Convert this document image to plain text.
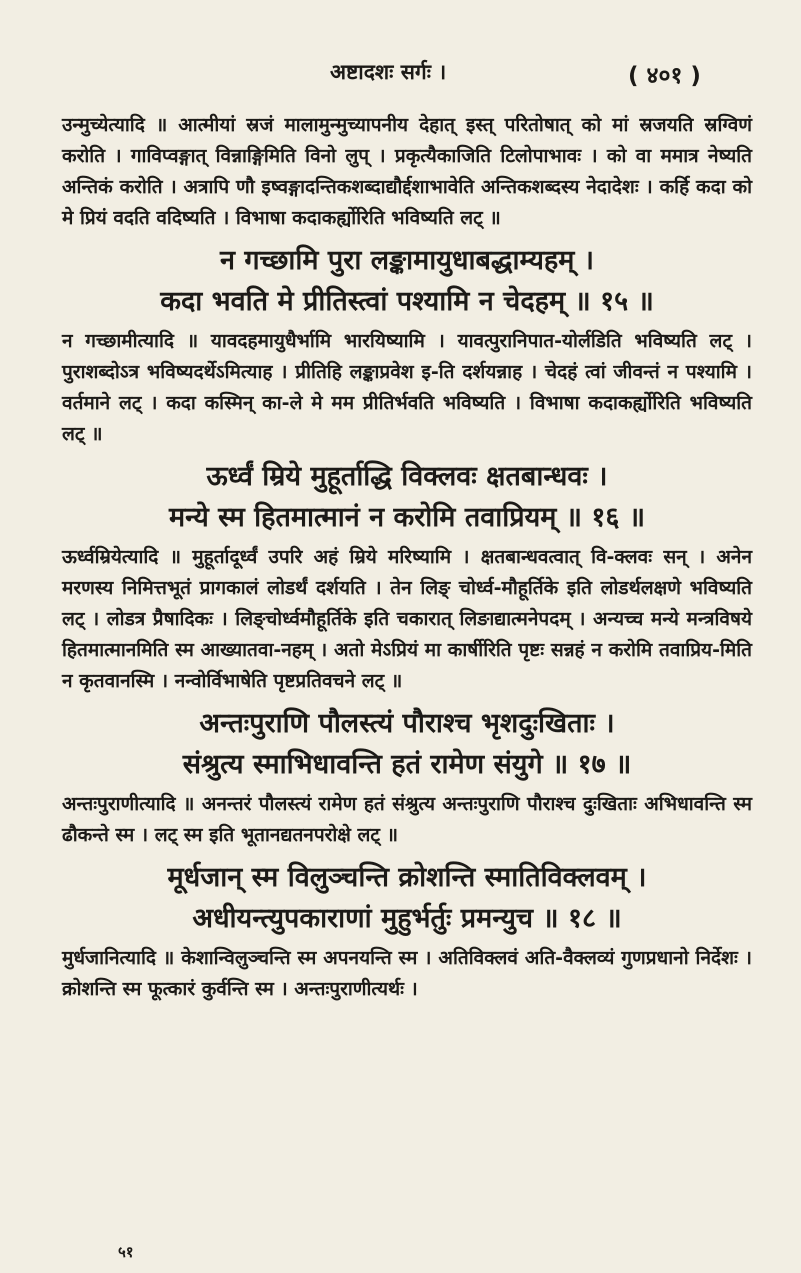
अष्टादशः सर्गः ।	( ४०१ )

उन्मुच्येत्यादि ॥ आत्मीयां स्रजं मालामुन्मुच्यापनीय देहात् इस्त् परितोषात् को मां स्रजयति स्रग्विणं करोति । गाविप्वङ्गात् विन्नाङ्गिमिति विनो लुप् । प्रकृत्यैकाजिति टिलोपाभावः । को वा ममात्र नेष्यति अन्तिकं करोति । अत्रापि णौ इष्वङ्गादन्तिकशब्दाद्यौर्द्दशाभावेति अन्तिकशब्दस्य नेदादेशः । कर्हि कदा को मे प्रियं वदति वदिष्यति । विभाषा कदाकर्ह्योरिति भविष्यति लट् ॥

न गच्छामि पुरा लङ्कामायुधाबद्धाम्यहम् ।
कदा भवति मे प्रीतिस्त्वां पश्यामि न चेदहम् ॥ १५ ॥

न गच्छामीत्यादि ॥ यावदहमायुधैर्भामि भारयिष्यामि । यावत्पुरानिपात-योर्लडिति भविष्यति लट् । पुराशब्दोऽत्र भविष्यदर्थेऽमित्याह । प्रीतिहि लङ्काप्रवेश इ-ति दर्शयन्नाह । चेदहं त्वां जीवन्तं न पश्यामि । वर्तमाने लट् । कदा कस्मिन् का-ले मे मम प्रीतिर्भवति भविष्यति । विभाषा कदाकर्ह्योरिति भविष्यति लट् ॥

ऊर्ध्वं म्रिये मुहूर्ताद्धि विक्लवः क्षतबान्धवः ।
मन्ये स्म हितमात्मानं न करोमि तवाप्रियम् ॥ १६ ॥

ऊर्ध्वम्रियेत्यादि ॥ मुहूर्तादूर्ध्वं उपरि अहं म्रिये मरिष्यामि । क्षतबान्धवत्वात् वि-क्लवः सन् । अनेन मरणस्य निमित्तभूतं प्रागकालं लोडर्थं दर्शयति । तेन लिङ् चोर्ध्व-मौहूर्तिके इति लोडर्थलक्षणे भविष्यति लट् । लोडत्र प्रैषादिकः । लिङ्चोर्ध्वमौहूर्तिके इति चकारात् लिङाद्यात्मनेपदम् । अन्यच्च मन्ये मन्त्रविषये हितमात्मानमिति स्म आख्यातवा-नहम् । अतो मेऽप्रियं मा कार्षीरिति पृष्टः सन्नहं न करोमि तवाप्रिय-मिति न कृतवानस्मि । नन्वोर्विभाषेति पृष्टप्रतिवचने लट् ॥

अन्तःपुराणि पौलस्त्यं पौराश्च भृशदुःखिताः ।
संश्रुत्य स्माभिधावन्ति हतं रामेण संयुगे ॥ १७ ॥

अन्तःपुराणीत्यादि ॥ अनन्तरं पौलस्त्यं रामेण हतं संश्रुत्य अन्तःपुराणि पौराश्च दुःखिताः अभिधावन्ति स्म ढौकन्ते स्म । लट् स्म इति भूतानद्यतनपरोक्षे लट् ॥

मूर्धजान् स्म विलुञ्चन्ति क्रोशन्ति स्मातिविक्लवम् ।
अधीयन्त्युपकाराणां मुहुर्भर्तुः प्रमन्युच ॥ १८ ॥

मुर्धजानित्यादि ॥ केशान्विलुञ्चन्ति स्म अपनयन्ति स्म । अतिविक्लवं अति-वैक्लव्यं गुणप्रधानो निर्देशः । क्रोशन्ति स्म फूत्कारं कुर्वन्ति स्म । अन्तःपुराणीत्यर्थः ।

५१
